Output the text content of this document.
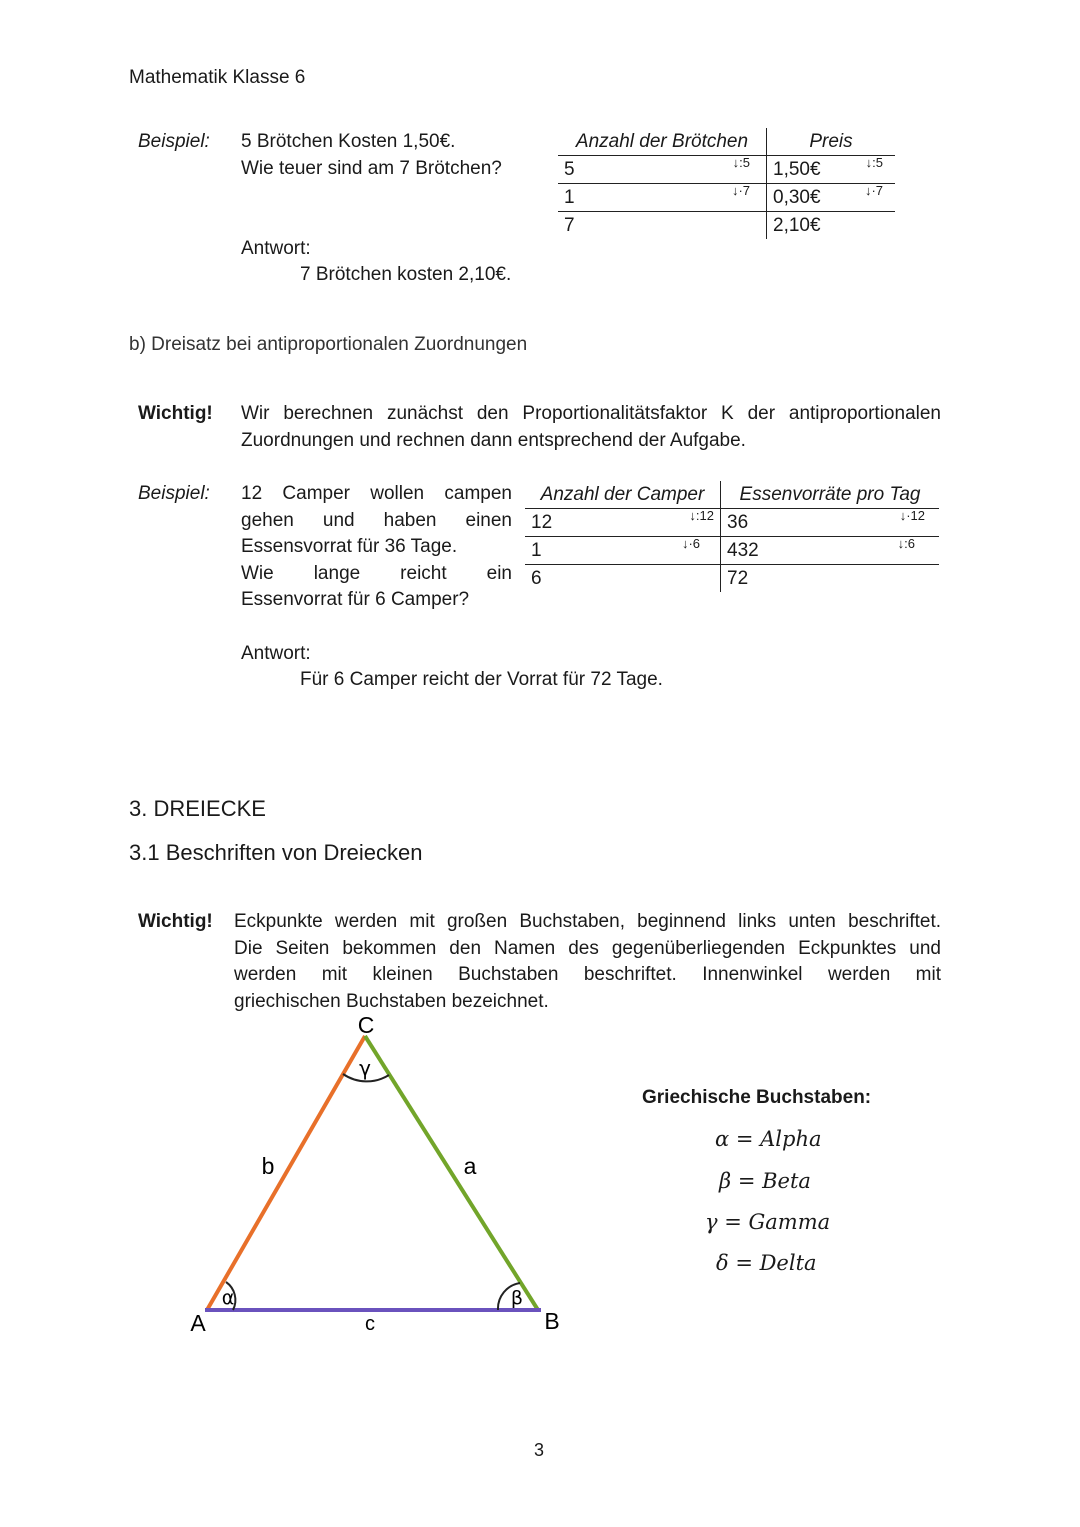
Mathematik Klasse 6
Beispiel: 5 Brötchen Kosten 1,50€.
Wie teuer sind am 7 Brötchen?
Anzahl der Brötchen	Preis
5 ↓:5	1,50€ ↓:5

1 ↓·7	0,30€ ↓·7

7	2,10€
Antwort:
7 Brötchen kosten 2,10€.
b) Dreisatz bei antiproportionalen Zuordnungen
Wichtig! Wir berechnen zunächst den Proportionalitätsfaktor K der antiproportionalen
Zuordnungen und rechnen dann entsprechend der Aufgabe.
Beispiel: 12 Camper wollen campen
gehen und haben einen
Essensvorrat für 36 Tage.
Wie lange reicht ein
Essenvorrat für 6 Camper?
Anzahl der Camper	Essenvorräte pro Tag
12 ↓:12	36 ↓·12

1 ↓·6	432 ↓:6

6	72
Antwort:
Für 6 Camper reicht der Vorrat für 72 Tage.
3. DREIECKE
3.1 Beschriften von Dreiecken
Wichtig! Eckpunkte werden mit großen Buchstaben, beginnend links unten beschriftet.
Die Seiten bekommen den Namen des gegenüberliegenden Eckpunktes und
werden mit kleinen Buchstaben beschriftet. Innenwinkel werden mit
griechischen Buchstaben bezeichnet.
C
A	B
b	a
c
α	β
γ
Griechische Buchstaben:
α = Alpha
β = Beta
γ = Gamma
δ = Delta
3
